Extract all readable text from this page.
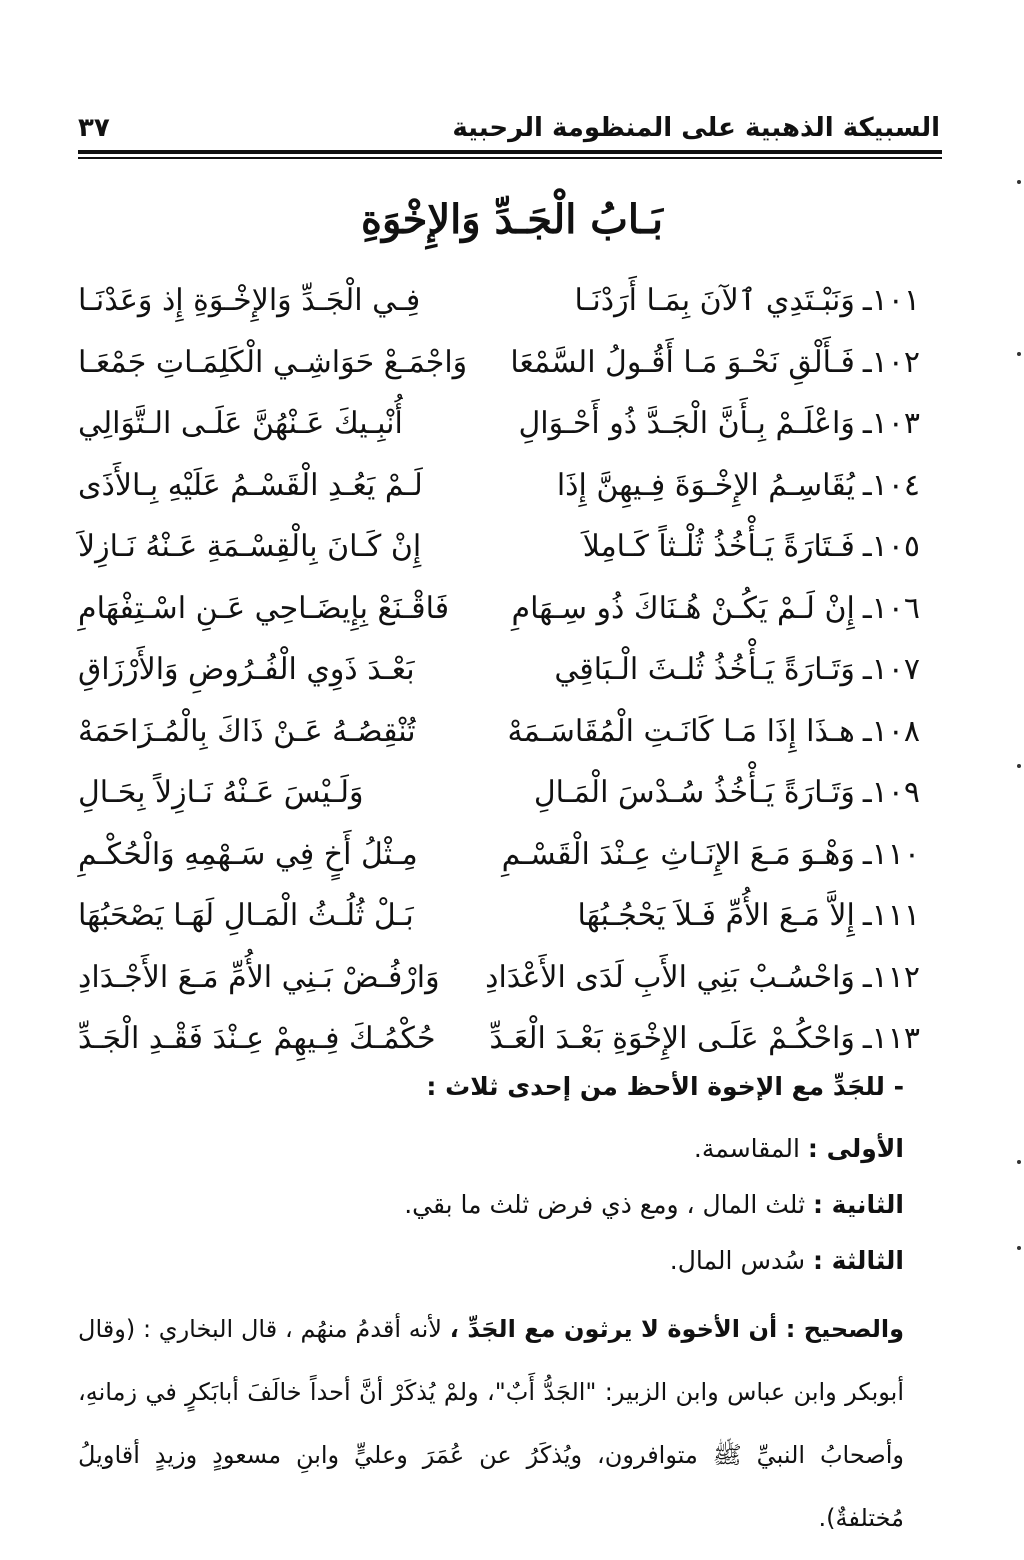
السبيكة الذهبية على المنظومة الرحبية
٣٧
بَـابُ الْجَـدِّ وَالإِخْوَةِ
١٠١ـ
وَنَبْـتَدِي ٱلآنَ بِمَـا أَرَدْنَـا
فِـي الْجَـدِّ وَالإِخْـوَةِ إِذ وَعَدْنَـا
١٠٢ـ
فَـأَلْقِ نَحْـوَ مَـا أَقُـولُ السَّمْعَا
وَاجْمَـعْ حَوَاشِـي الْكَلِمَـاتِ جَمْعَـا
١٠٣ـ
وَاعْلَـمْ بِـأَنَّ الْجَـدَّ ذُو أَحْـوَالِ
أُنْبِـيكَ عَـنْهُنَّ عَلَـى الـتَّوَالِي
١٠٤ـ
يُقَاسِـمُ الإِخْـوَةَ فِـيهِنَّ إِذَا
لَـمْ يَعُـدِ الْقَسْـمُ عَلَيْهِ بِـالأَذَى
١٠٥ـ
فَـتَارَةً يَـأْخُذُ ثُلْـثاً كَـامِلاَ
إِنْ كَـانَ بِالْقِسْـمَةِ عَـنْهُ نَـازِلاَ
١٠٦ـ
إِنْ لَـمْ يَكُـنْ هُـنَاكَ ذُو سِـهَامِ
فَاقْـنَعْ بِإِيضَـاحِي عَـنِ اسْـتِفْهَامِ
١٠٧ـ
وَتَـارَةً يَـأْخُذُ ثُلـثَ الْـبَاقِي
بَعْـدَ ذَوِي الْفُـرُوضِ وَالأَرْزَاقِ
١٠٨ـ
هـذَا إِذَا مَـا كَانَـتِ الْمُقَاسَـمَهْ
تُنْقِصُـهُ عَـنْ ذَاكَ بِالْمُـزَاحَمَهْ
١٠٩ـ
وَتَـارَةً يَـأْخُذُ سُـدْسَ الْمَـالِ
وَلَـيْسَ عَـنْهُ نَـازِلاً بِحَـالِ
١١٠ـ
وَهْـوَ مَـعَ الإِنَـاثِ عِـنْدَ الْقَسْـمِ
مِـثْلُ أَخٍ فِي سَـهْمِهِ وَالْحُكْـمِ
١١١ـ
إِلاَّ مَـعَ الأُمِّ فَـلاَ يَحْجُـبُهَا
بَـلْ ثُلُـثُ الْمَـالِ لَهَـا يَصْحَبُهَا
١١٢ـ
وَاحْسُـبْ بَنِي الأَبِ لَدَى الأَعْدَادِ
وَارْفُـضْ بَـنِي الأُمِّ مَـعَ الأَجْـدَادِ
١١٣ـ
وَاحْكُـمْ عَلَـى الإِخْوَةِ بَعْـدَ الْعَـدِّ
حُكْمُـكَ فِـيهِمْ عِـنْدَ فَقْـدِ الْجَـدِّ
- للجَدِّ مع الإخوة الأحظ من إحدى ثلاث :
الأولى : المقاسمة.
الثانية : ثلث المال ، ومع ذي فرض ثلث ما بقي.
الثالثة : سُدس المال.
والصحيح : أن الأخوة لا يرثون مع الجَدِّ ، لأنه أقدمُ منهُم ، قال البخاري : (وقال أبوبكر وابن عباس وابن الزبير: "الجَدُّ أَبٌ"، ولمْ يُذكَرْ أنَّ أحداً خالَفَ أبابَكرٍ في زمانهِ، وأصحابُ النبيِّ ﷺ متوافرون، ويُذكَرُ عن عُمَرَ وعليٍّ وابنِ مسعودٍ وزيدٍ أقاويلُ مُختلفةٌ).
